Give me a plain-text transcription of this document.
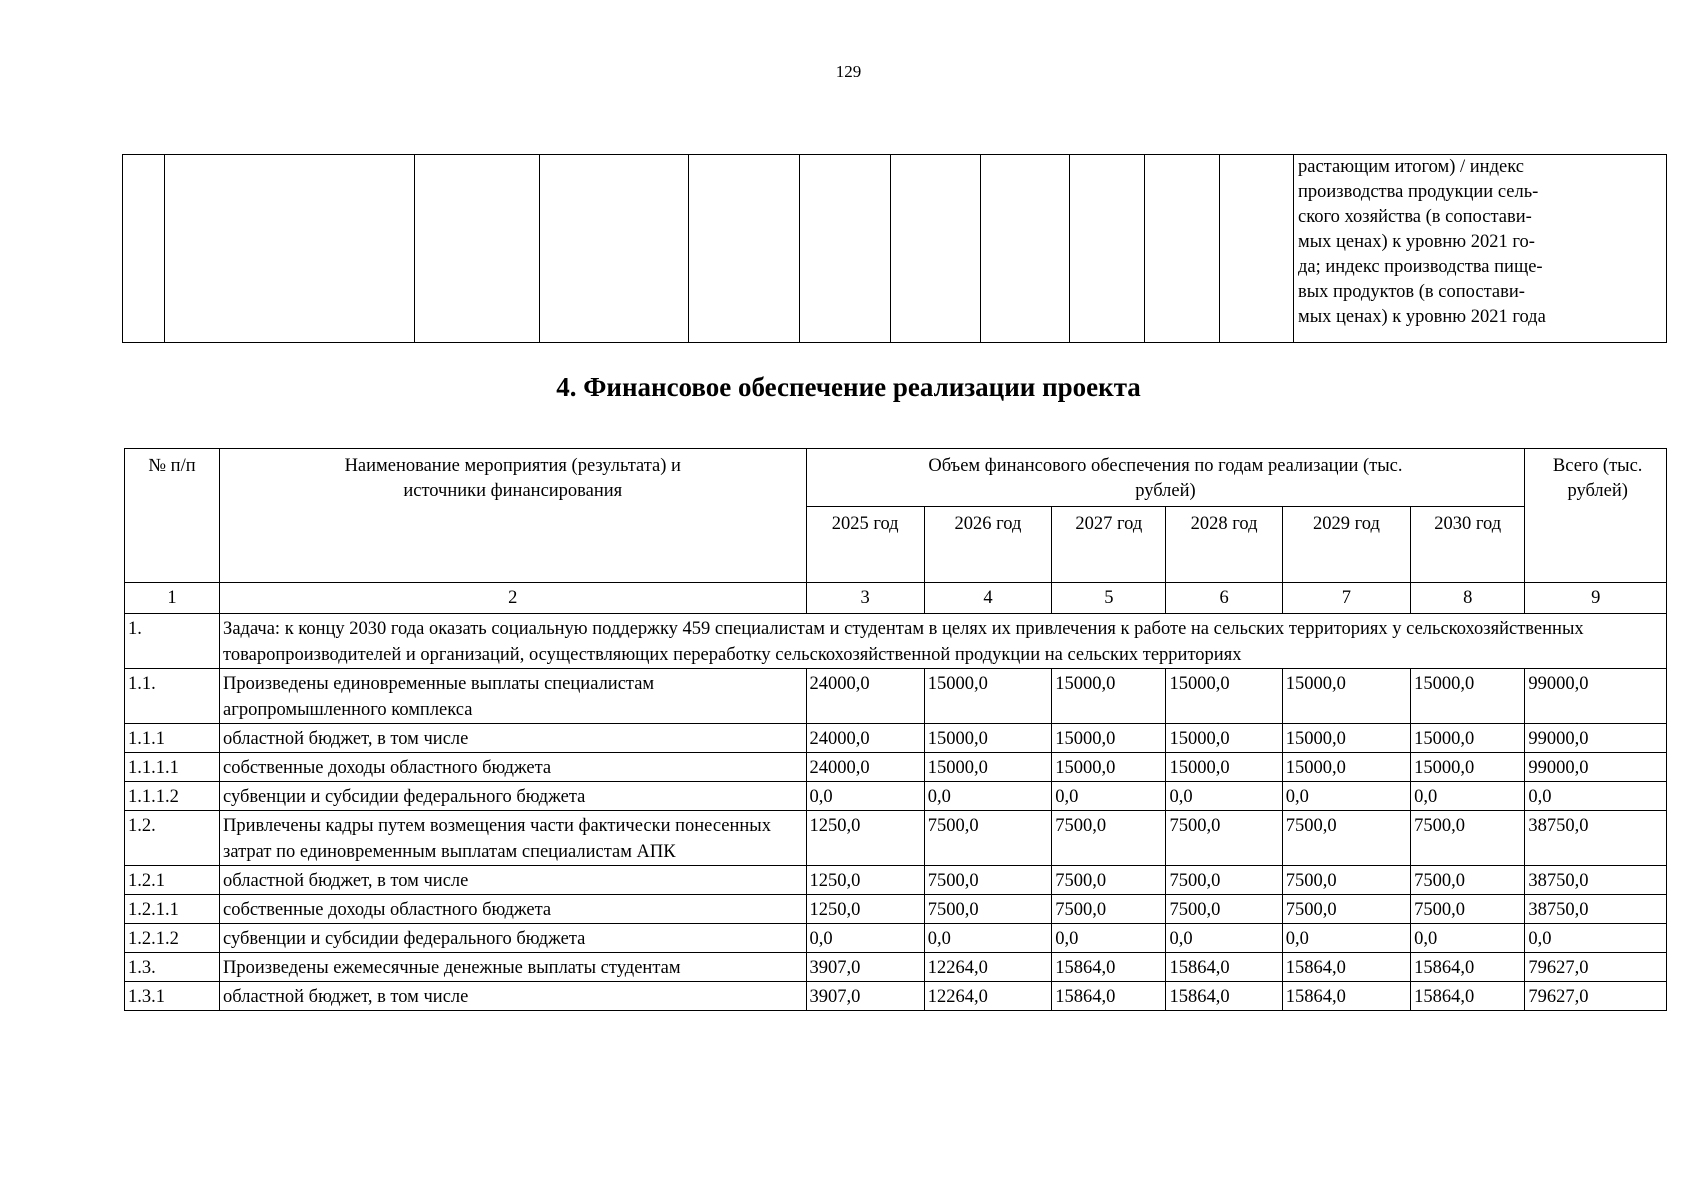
129

растающим итогом) / индекс
производства продукции сель-
ского хозяйства (в сопостави-
мых ценах) к уровню 2021 го-
да; индекс производства пище-
вых продуктов (в сопостави-
мых ценах) к уровню 2021 года
4. Финансовое обеспечение реализации проекта
№ п/п	Наименование мероприятия (результата) и источники финансирования	Объем финансового обеспечения по годам реализации (тыс. рублей)						Всего (тыс. рублей)
		2025 год	2026 год	2027 год	2028 год	2029 год	2030 год	
1	2	3	4	5	6	7	8	9
1.	Задача: к концу 2030 года оказать социальную поддержку 459 специалистам и студентам в целях их привлечения к работе на сельских территориях у сельскохозяйственных товаропроизводителей и организаций, осуществляющих переработку сельскохозяйственной продукции на сельских территориях							
1.1.	Произведены единовременные выплаты специалистам агропромышленного комплекса	24000,0	15000,0	15000,0	15000,0	15000,0	15000,0	99000,0
1.1.1	областной бюджет, в том числе	24000,0	15000,0	15000,0	15000,0	15000,0	15000,0	99000,0
1.1.1.1	собственные доходы областного бюджета	24000,0	15000,0	15000,0	15000,0	15000,0	15000,0	99000,0
1.1.1.2	субвенции и субсидии федерального бюджета	0,0	0,0	0,0	0,0	0,0	0,0	0,0
1.2.	Привлечены кадры путем возмещения части фактически понесенных затрат по единовременным выплатам специалистам АПК	1250,0	7500,0	7500,0	7500,0	7500,0	7500,0	38750,0
1.2.1	областной бюджет, в том числе	1250,0	7500,0	7500,0	7500,0	7500,0	7500,0	38750,0
1.2.1.1	собственные доходы областного бюджета	1250,0	7500,0	7500,0	7500,0	7500,0	7500,0	38750,0
1.2.1.2	субвенции и субсидии федерального бюджета	0,0	0,0	0,0	0,0	0,0	0,0	0,0
1.3.	Произведены ежемесячные денежные выплаты студентам	3907,0	12264,0	15864,0	15864,0	15864,0	15864,0	79627,0
1.3.1	областной бюджет, в том числе	3907,0	12264,0	15864,0	15864,0	15864,0	15864,0	79627,0
